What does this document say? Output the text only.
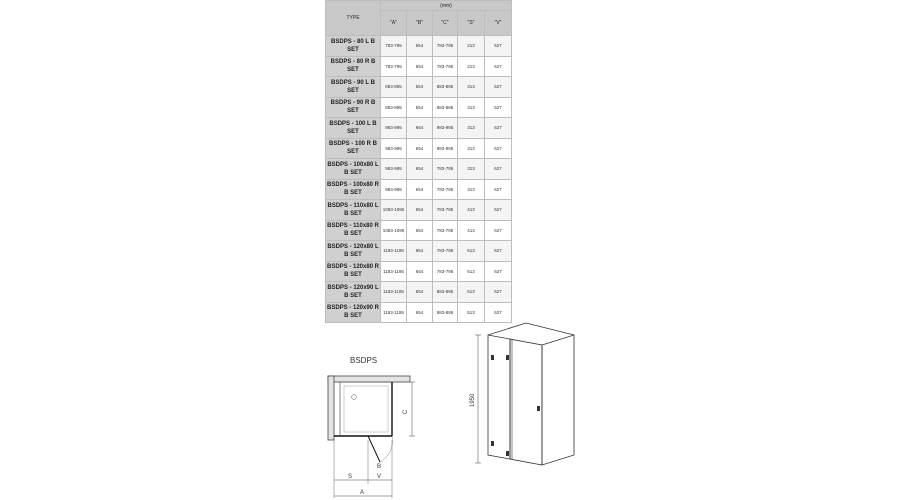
TYPE	(mm)				
	"A"	"B"	"C"	"S"	"V"
BSDPS - 80 L B SET	783-795	554	783-795	213	527
BSDPS - 80 R B SET	783-795	554	783-795	213	527
BSDPS - 90 L B SET	883-895	554	883-895	313	527
BSDPS - 90 R B SET	883-895	554	883-895	313	527
BSDPS - 100 L B SET	983-995	654	983-995	313	627
BSDPS - 100 R B SET	983-995	654	983-995	313	627
BSDPS - 100x80 L B SET	983-995	654	783-795	313	627
BSDPS - 100x80 R B SET	983-995	654	783-795	313	627
BSDPS - 110x80 L B SET	1083-1095	654	783-795	413	627
BSDPS - 110x80 R B SET	1083-1095	654	783-795	413	627
BSDPS - 120x80 L B SET	1183-1195	654	783-795	513	627
BSDPS - 120x80 R B SET	1183-1195	654	783-795	513	627
BSDPS - 120x90 L B SET	1183-1195	654	883-895	513	627
BSDPS - 120x90 R B SET	1183-1195	654	883-895	513	627
BSDPS
C
B
S	V
A
1950
